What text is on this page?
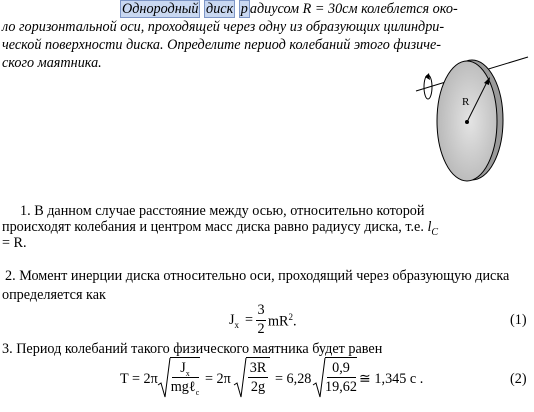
Однородный диск р адиусом R = 30см колеблется око-
ло горизонтальной оси, проходящей через одну из образующих цилиндри-
ческой поверхности диска. Определите период колебаний этого физиче-
ского маятника.
R
1. В данном случае расстояние между осью, относительно которой
происходят колебания и центром масс диска равно радиусу диска, т.е. $l_C$
= R.
2. Момент инерции диска относительно оси, проходящий через образующую диска
определяется как
$J_x$ =
3
2 $mR^2$.	(1)
3. Период колебаний такого физического маятника будет равен
T = 2π
$J_x$
mgℓ$_c$
= 2π
3R
2g = 6,28
0,9
19,62 ≅ 1,345 с .	(2)
